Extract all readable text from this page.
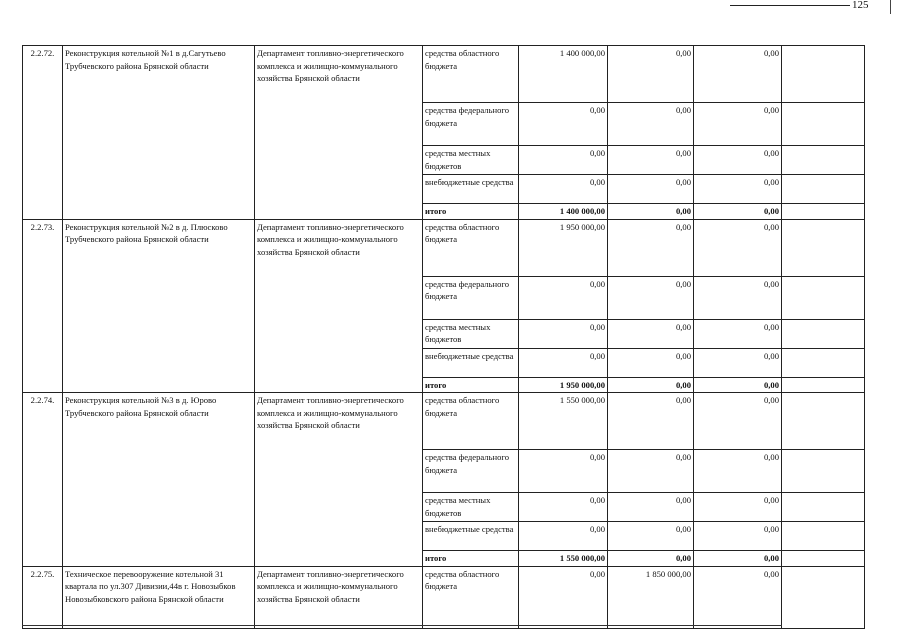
125
2.2.72.	Реконструкция котельной №1 в д.Сагутьево Трубчевского района Брянской области	Департамент топливно-энергетического комплекса и жилищно-коммунального хозяйства Брянской области	средства областного бюджета	1 400 000,00	0,00	0,00	
			средства федерального бюджета	0,00	0,00	0,00	
			средства местных бюджетов	0,00	0,00	0,00	
			внебюджетные средства	0,00	0,00	0,00	
			итого	1 400 000,00	0,00	0,00	
2.2.73.	Реконструкция котельной №2 в д. Плюсково Трубчевского района Брянской области	Департамент топливно-энергетического комплекса и жилищно-коммунального хозяйства Брянской области	средства областного бюджета	1 950 000,00	0,00	0,00	
			средства федерального бюджета	0,00	0,00	0,00	
			средства местных бюджетов	0,00	0,00	0,00	
			внебюджетные средства	0,00	0,00	0,00	
			итого	1 950 000,00	0,00	0,00	
2.2.74.	Реконструкция котельной №3 в д. Юрово Трубчевского района Брянской области	Департамент топливно-энергетического комплекса и жилищно-коммунального хозяйства Брянской области	средства областного бюджета	1 550 000,00	0,00	0,00	
			средства федерального бюджета	0,00	0,00	0,00	
			средства местных бюджетов	0,00	0,00	0,00	
			внебюджетные средства	0,00	0,00	0,00	
			итого	1 550 000,00	0,00	0,00	
2.2.75.	Техническое перевооружение котельной 31 квартала по ул.307 Дивизии,44в г. Новозыбков Новозыбковского района Брянской области	Департамент топливно-энергетического комплекса и жилищно-коммунального хозяйства Брянской области	средства областного бюджета	0,00	1 850 000,00	0,00	
